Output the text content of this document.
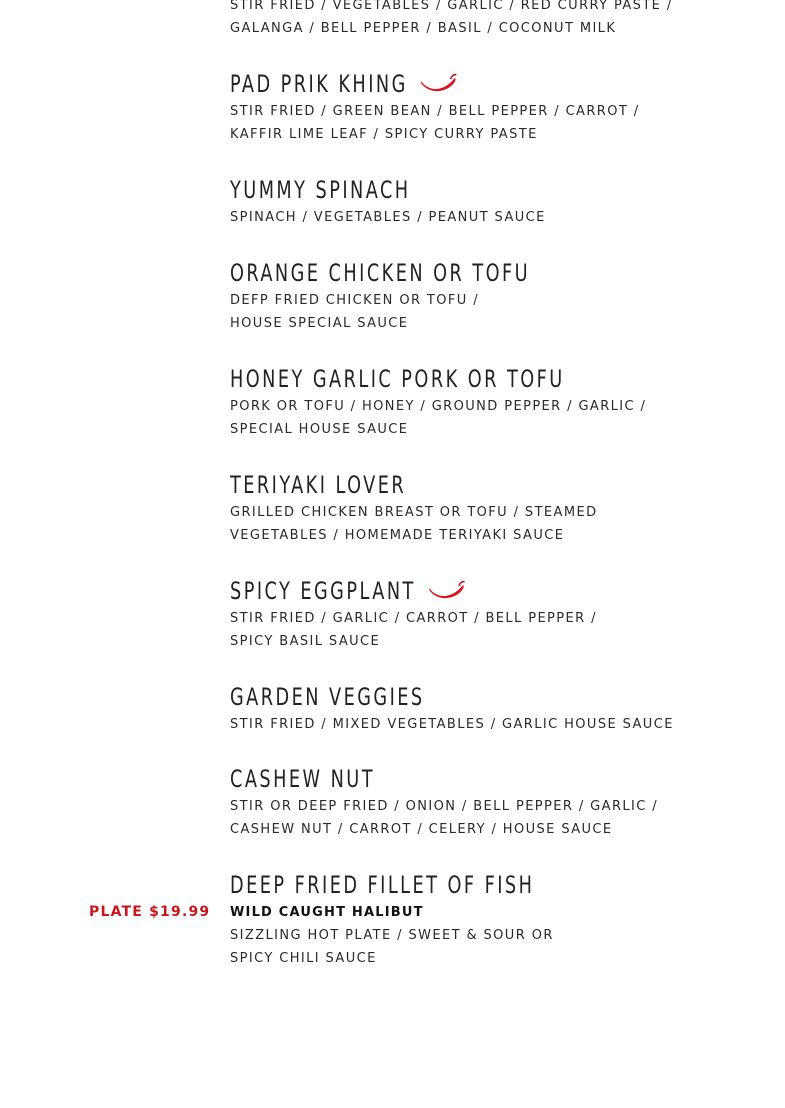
STIR FRIED / VEGETABLES / GARLIC / RED CURRY PASTE /
GALANGA / BELL PEPPER / BASIL / COCONUT MILK
PAD PRIK KHING
STIR FRIED / GREEN BEAN / BELL PEPPER / CARROT /
KAFFIR LIME LEAF / SPICY CURRY PASTE
YUMMY SPINACH
SPINACH / VEGETABLES / PEANUT SAUCE
ORANGE CHICKEN OR TOFU
DEFP FRIED CHICKEN OR TOFU /
HOUSE SPECIAL SAUCE
HONEY GARLIC PORK OR TOFU
PORK OR TOFU / HONEY / GROUND PEPPER / GARLIC /
SPECIAL HOUSE SAUCE
TERIYAKI LOVER
GRILLED CHICKEN BREAST OR TOFU / STEAMED
VEGETABLES / HOMEMADE TERIYAKI SAUCE
SPICY EGGPLANT
STIR FRIED / GARLIC / CARROT / BELL PEPPER /
SPICY BASIL SAUCE
GARDEN VEGGIES
STIR FRIED / MIXED VEGETABLES / GARLIC HOUSE SAUCE
CASHEW NUT
STIR OR DEEP FRIED / ONION / BELL PEPPER / GARLIC /
CASHEW NUT / CARROT / CELERY / HOUSE SAUCE
DEEP FRIED FILLET OF FISH
WILD CAUGHT HALIBUT
SIZZLING HOT PLATE / SWEET & SOUR OR
SPICY CHILI SAUCE
PLATE $19.99
